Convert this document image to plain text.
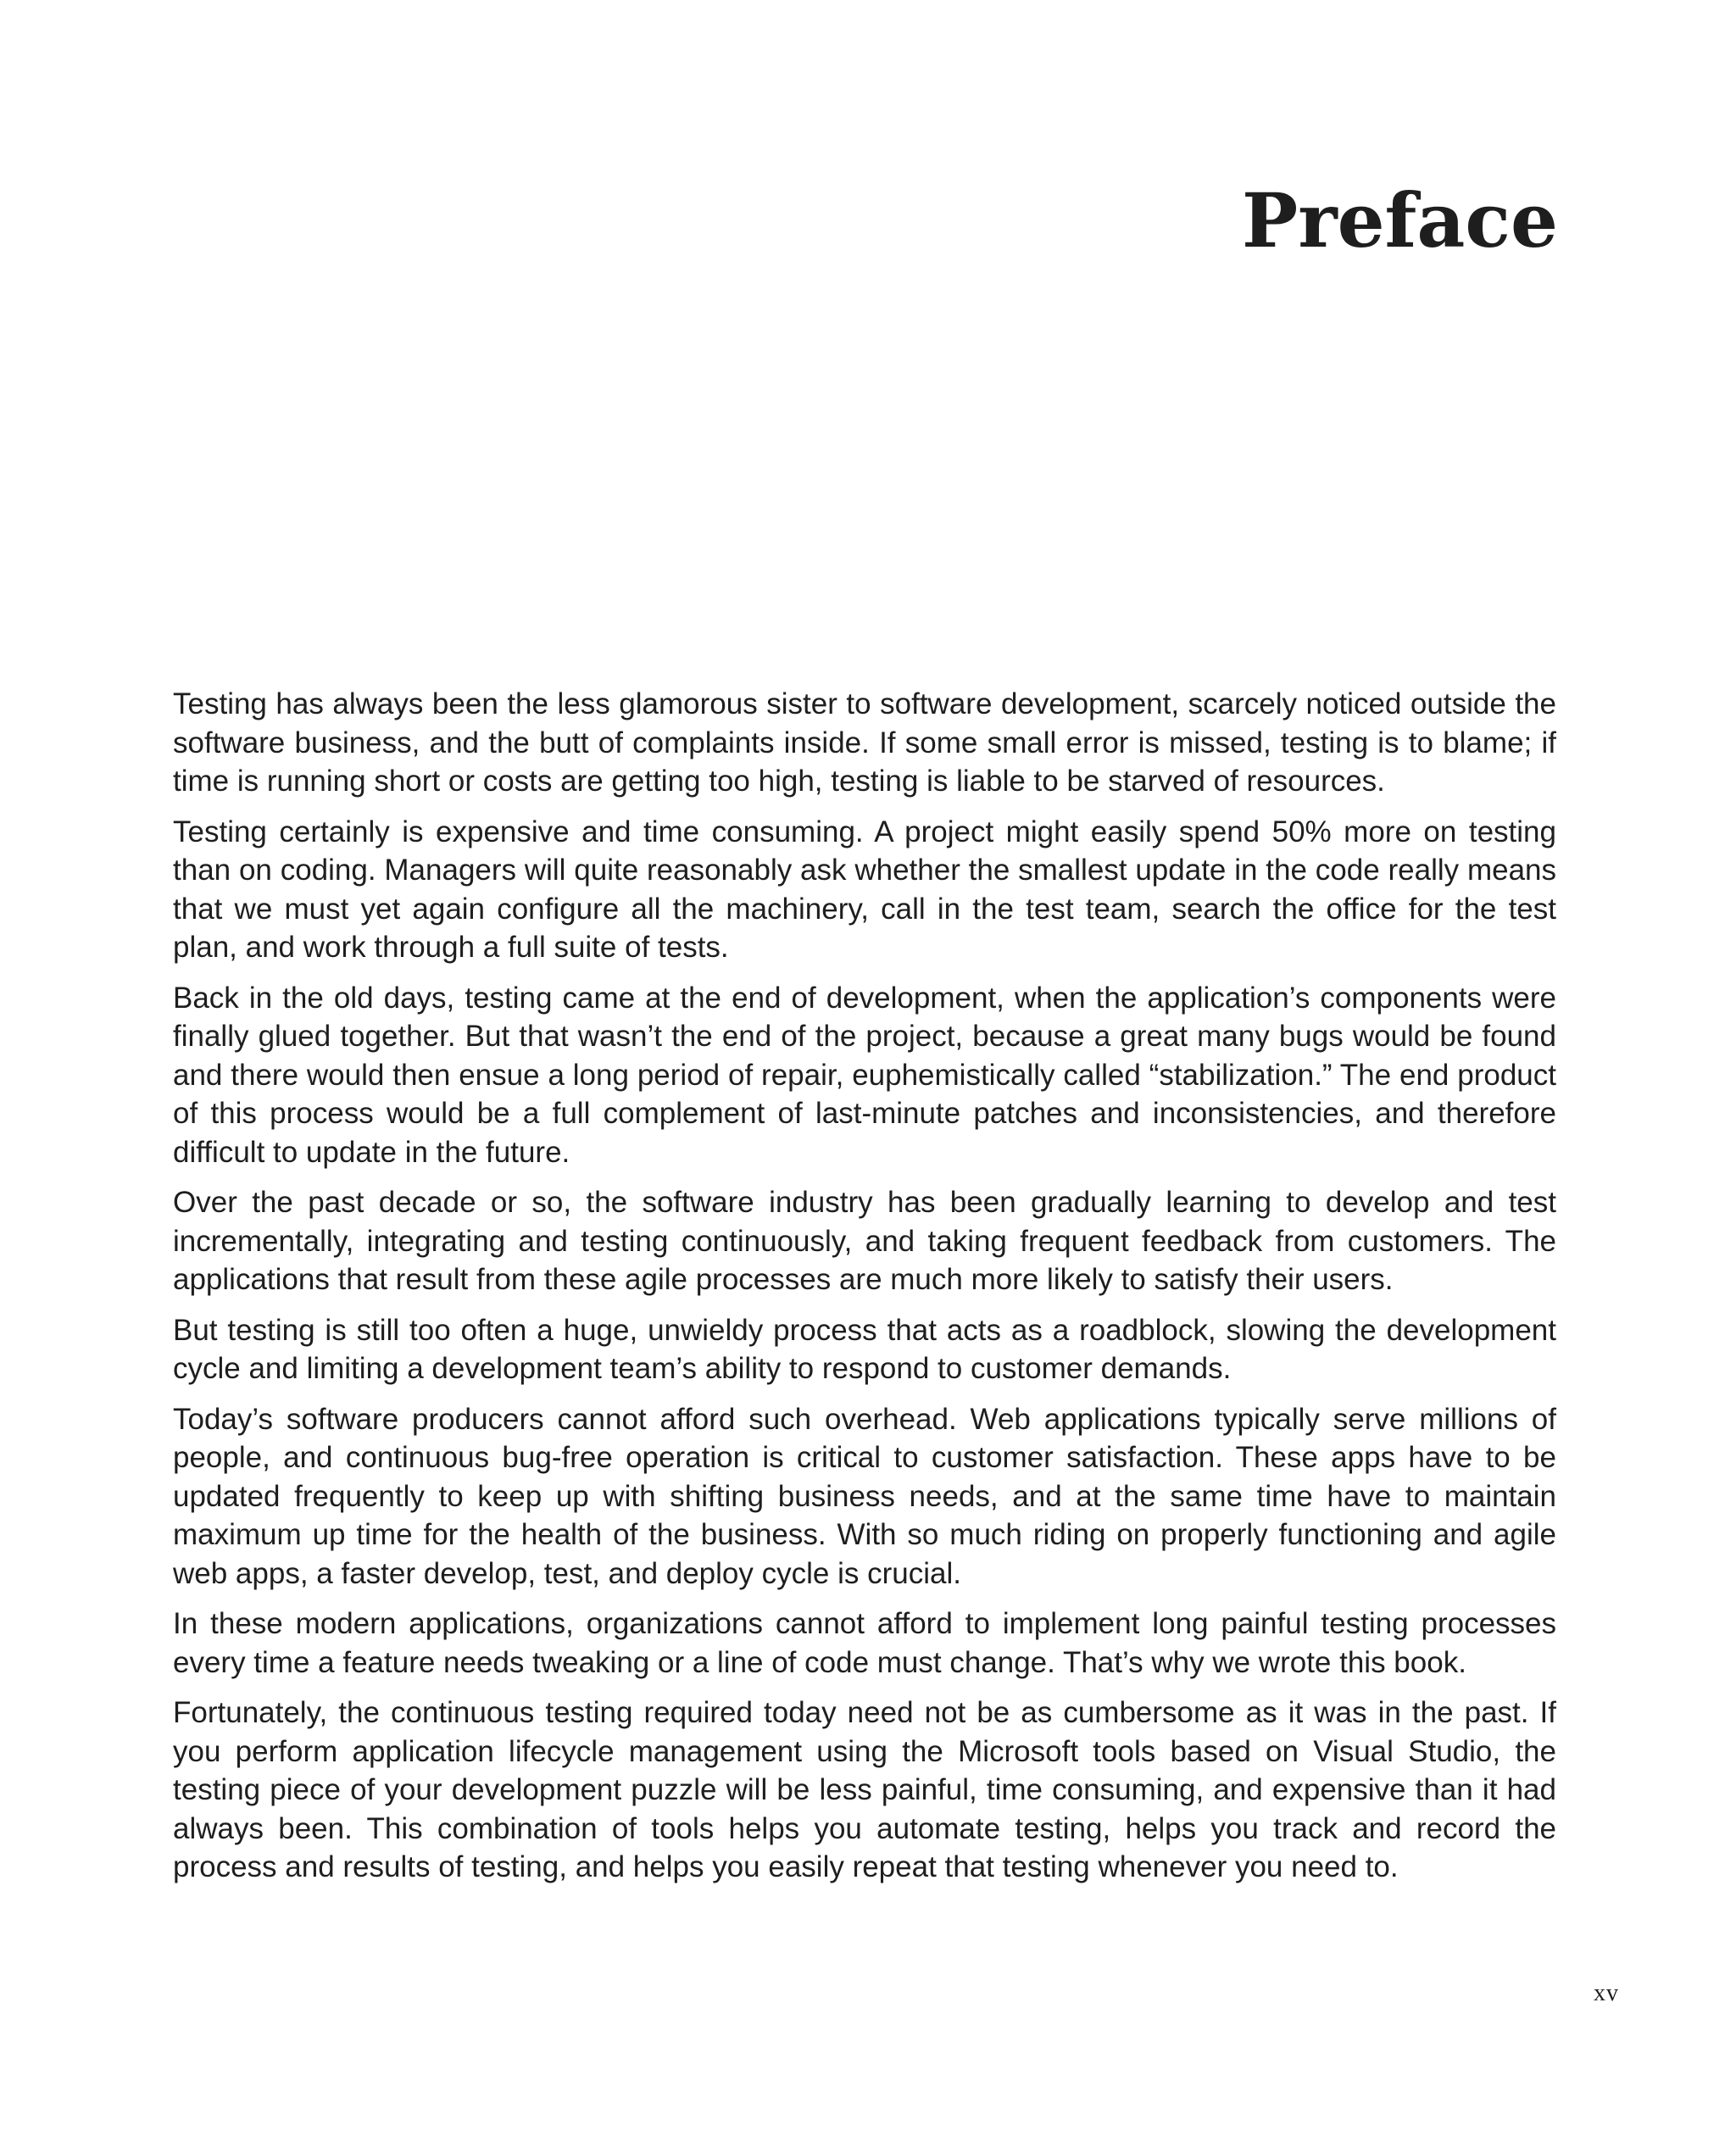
Preface

Testing has always been the less glamorous sister to software development, scarcely noticed outside the software business, and the butt of complaints inside. If some small error is missed, testing is to blame; if time is running short or costs are getting too high, testing is liable to be starved of resources.

Testing certainly is expensive and time consuming. A project might easily spend 50% more on testing than on coding. Managers will quite reasonably ask whether the smallest update in the code really means that we must yet again configure all the machinery, call in the test team, search the office for the test plan, and work through a full suite of tests.

Back in the old days, testing came at the end of development, when the application’s components were finally glued together. But that wasn’t the end of the project, because a great many bugs would be found and there would then ensue a long period of repair, euphemistically called “stabilization.” The end product of this process would be a full complement of last-minute patches and inconsistencies, and therefore difficult to update in the future.

Over the past decade or so, the software industry has been gradually learning to develop and test incrementally, integrating and testing continuously, and taking frequent feedback from customers. The applications that result from these agile processes are much more likely to satisfy their users.

But testing is still too often a huge, unwieldy process that acts as a roadblock, slowing the development cycle and limiting a development team’s ability to respond to customer demands.

Today’s software producers cannot afford such overhead. Web applications typically serve millions of people, and continuous bug-free operation is critical to customer satisfaction. These apps have to be updated frequently to keep up with shifting business needs, and at the same time have to maintain maximum up time for the health of the business. With so much riding on properly functioning and agile web apps, a faster develop, test, and deploy cycle is crucial.

In these modern applications, organizations cannot afford to implement long painful testing processes every time a feature needs tweaking or a line of code must change. That’s why we wrote this book.

Fortunately, the continuous testing required today need not be as cumbersome as it was in the past. If you perform application lifecycle management using the Microsoft tools based on Visual Studio, the testing piece of your development puzzle will be less painful, time consuming, and expensive than it had always been. This combination of tools helps you automate testing, helps you track and record the process and results of testing, and helps you easily repeat that testing whenever you need to.

xv
